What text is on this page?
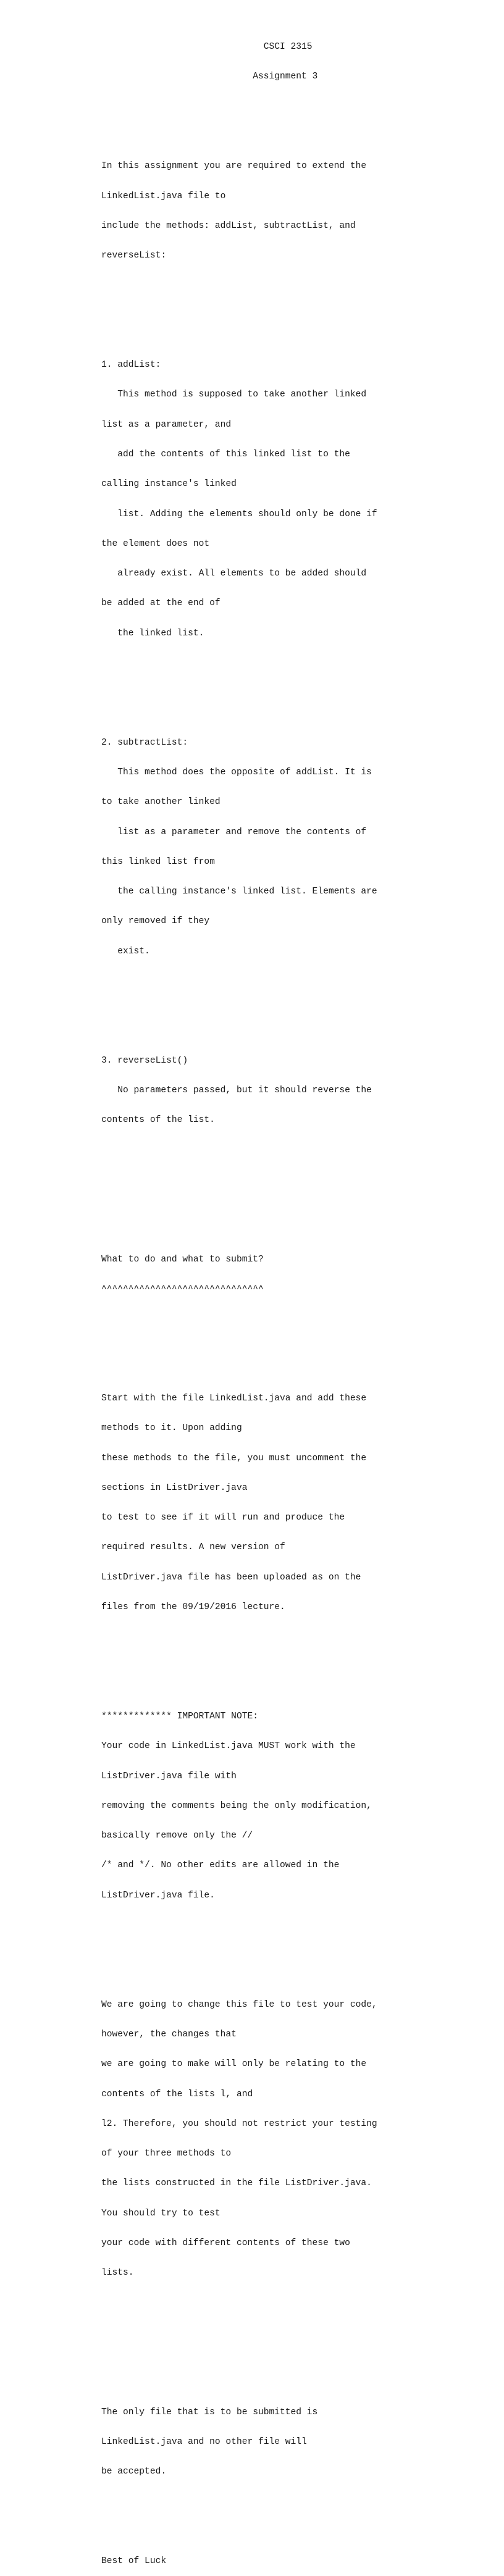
CSCI 2315

Assignment 3

In this assignment you are required to extend the

LinkedList.java file to

include the methods: addList, subtractList, and

reverseList:

1. addList:

This method is supposed to take another linked

list as a parameter, and

add the contents of this linked list to the

calling instance's linked

list. Adding the elements should only be done if

the element does not

already exist. All elements to be added should

be added at the end of

the linked list.

2. subtractList:

This method does the opposite of addList. It is

to take another linked

list as a parameter and remove the contents of

this linked list from

the calling instance's linked list. Elements are

only removed if they

exist.

3. reverseList()

No parameters passed, but it should reverse the

contents of the list.

What to do and what to submit?

^^^^^^^^^^^^^^^^^^^^^^^^^^^^^^

Start with the file LinkedList.java and add these

methods to it. Upon adding

these methods to the file, you must uncomment the

sections in ListDriver.java

to test to see if it will run and produce the

required results. A new version of

ListDriver.java file has been uploaded as on the

files from the 09/19/2016 lecture.

************* IMPORTANT NOTE:

Your code in LinkedList.java MUST work with the

ListDriver.java file with

removing the comments being the only modification,

basically remove only the //

/* and */. No other edits are allowed in the

ListDriver.java file.

We are going to change this file to test your code,

however, the changes that

we are going to make will only be relating to the

contents of the lists l, and

l2. Therefore, you should not restrict your testing

of your three methods to

the lists constructed in the file ListDriver.java.

You should try to test

your code with different contents of these two

lists.

The only file that is to be submitted is

LinkedList.java and no other file will

be accepted.

Best of Luck
